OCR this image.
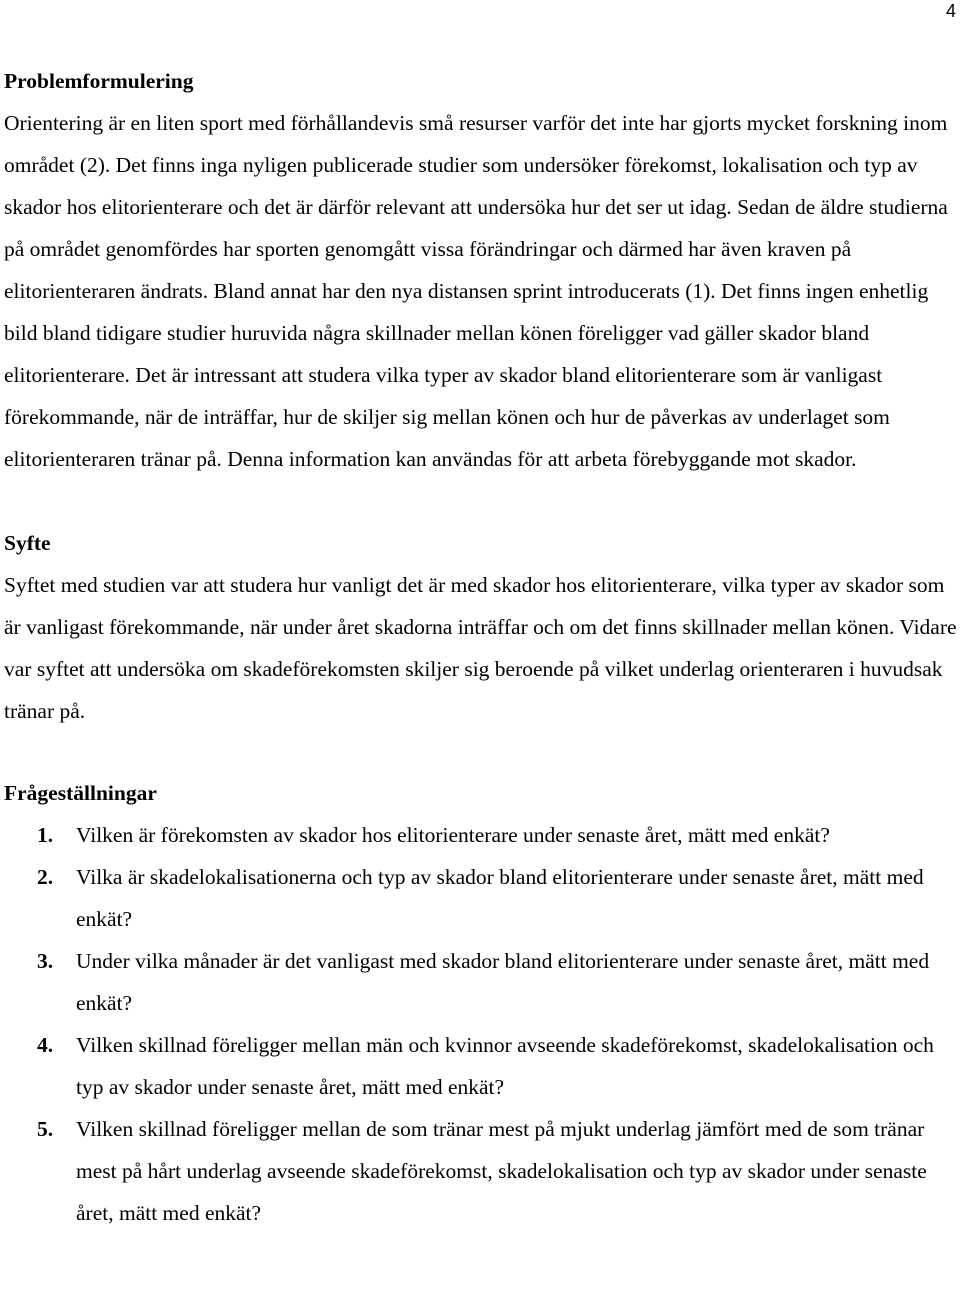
4
Problemformulering

Orientering är en liten sport med förhållandevis små resurser varför det inte har gjorts mycket forskning inom området (2). Det finns inga nyligen publicerade studier som undersöker förekomst, lokalisation och typ av skador hos elitorienterare och det är därför relevant att undersöka hur det ser ut idag. Sedan de äldre studierna på området genomfördes har sporten genomgått vissa förändringar och därmed har även kraven på elitorienteraren ändrats. Bland annat har den nya distansen sprint introducerats (1). Det finns ingen enhetlig bild bland tidigare studier huruvida några skillnader mellan könen föreligger vad gäller skador bland elitorienterare. Det är intressant att studera vilka typer av skador bland elitorienterare som är vanligast förekommande, när de inträffar, hur de skiljer sig mellan könen och hur de påverkas av underlaget som elitorienteraren tränar på. Denna information kan användas för att arbeta förebyggande mot skador.

Syfte

Syftet med studien var att studera hur vanligt det är med skador hos elitorienterare, vilka typer av skador som är vanligast förekommande, när under året skadorna inträffar och om det finns skillnader mellan könen. Vidare var syftet att undersöka om skadeförekomsten skiljer sig beroende på vilket underlag orienteraren i huvudsak tränar på.

Frågeställningar
1. Vilken är förekomsten av skador hos elitorienterare under senaste året, mätt med enkät?
2. Vilka är skadelokalisationerna och typ av skador bland elitorienterare under senaste året, mätt med enkät?
3. Under vilka månader är det vanligast med skador bland elitorienterare under senaste året, mätt med enkät?
4. Vilken skillnad föreligger mellan män och kvinnor avseende skadeförekomst, skadelokalisation och typ av skador under senaste året, mätt med enkät?
5. Vilken skillnad föreligger mellan de som tränar mest på mjukt underlag jämfört med de som tränar mest på hårt underlag avseende skadeförekomst, skadelokalisation och typ av skador under senaste året, mätt med enkät?
